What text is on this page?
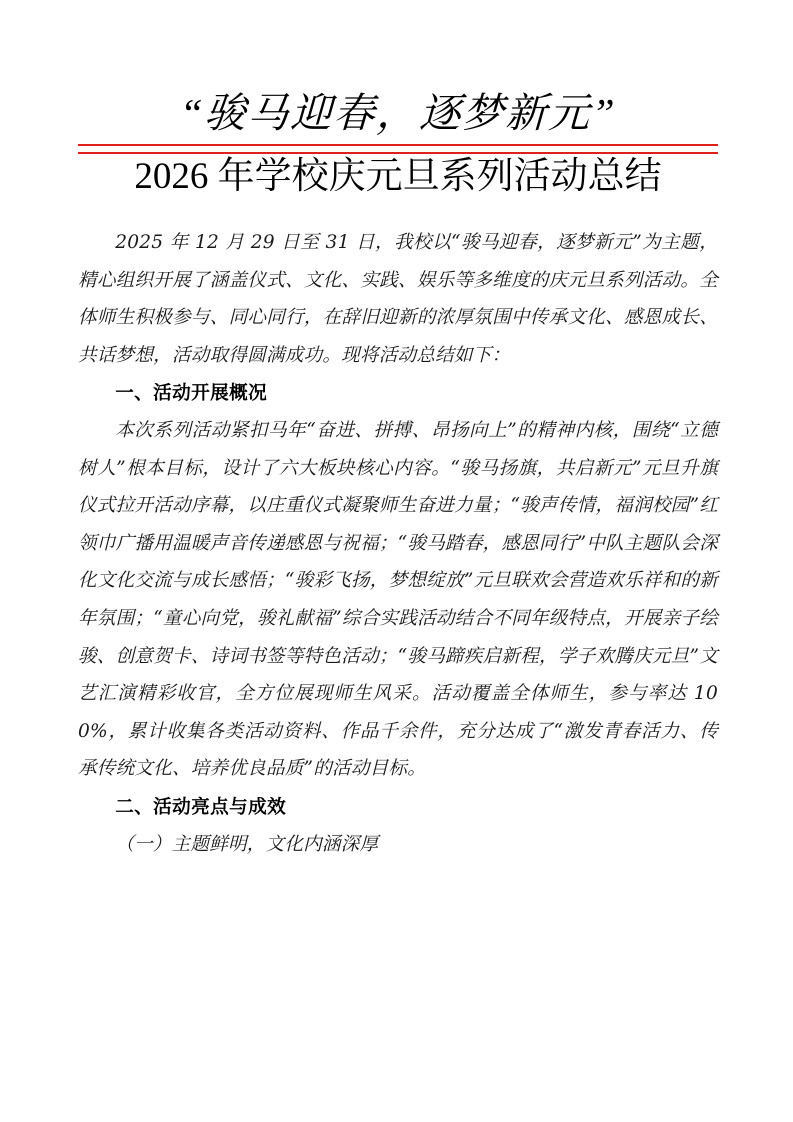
“骏马迎春，逐梦新元”
2026 年学校庆元旦系列活动总结

2025 年 12 月 29 日至 31 日，我校以“骏马迎春，逐梦新元”为主题，精心组织开展了涵盖仪式、文化、实践、娱乐等多维度的庆元旦系列活动。全体师生积极参与、同心同行，在辞旧迎新的浓厚氛围中传承文化、感恩成长、共话梦想，活动取得圆满成功。现将活动总结如下：

一、活动开展概况

本次系列活动紧扣马年“奋进、拼搏、昂扬向上”的精神内核，围绕“立德树人”根本目标，设计了六大板块核心内容。“骏马扬旗，共启新元”元旦升旗仪式拉开活动序幕，以庄重仪式凝聚师生奋进力量；“骏声传情，福润校园”红领巾广播用温暖声音传递感恩与祝福；“骏马踏春，感恩同行”中队主题队会深化文化交流与成长感悟；“骏彩飞扬，梦想绽放”元旦联欢会营造欢乐祥和的新年氛围；“童心向党，骏礼献福”综合实践活动结合不同年级特点，开展亲子绘骏、创意贺卡、诗词书签等特色活动；“骏马蹄疾启新程，学子欢腾庆元旦”文艺汇演精彩收官，全方位展现师生风采。活动覆盖全体师生，参与率达 100%，累计收集各类活动资料、作品千余件，充分达成了“激发青春活力、传承传统文化、培养优良品质”的活动目标。

二、活动亮点与成效

（一）主题鲜明，文化内涵深厚
